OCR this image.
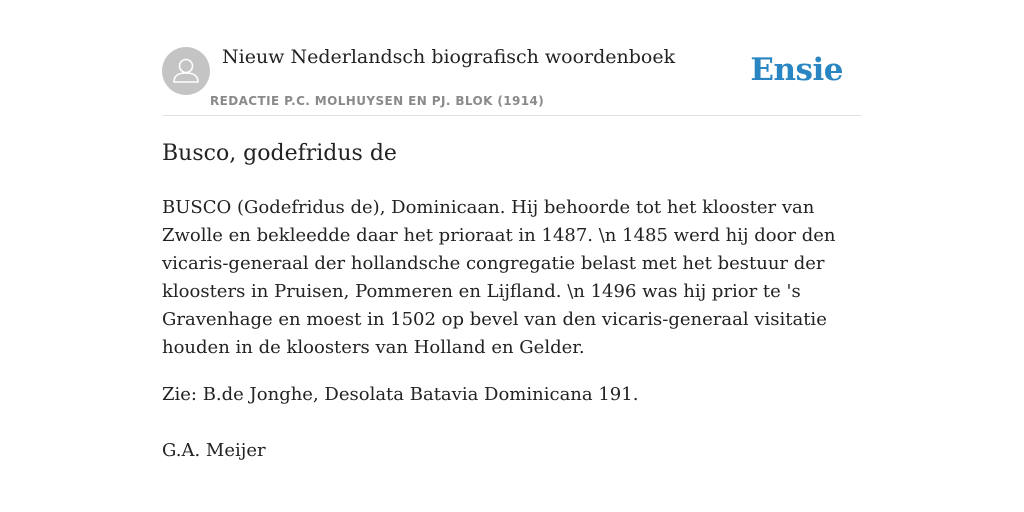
Nieuw Nederlandsch biografisch woordenboek
REDACTIE P.C. MOLHUYSEN EN PJ. BLOK (1914)
Ensie
Busco, godefridus de

BUSCO (Godefridus de), Dominicaan. Hij behoorde tot het klooster van Zwolle en bekleedde daar het prioraat in 1487. \n 1485 werd hij door den vicaris-generaal der hollandsche congregatie belast met het bestuur der kloosters in Pruisen, Pommeren en Lijfland. \n 1496 was hij prior te 's Gravenhage en moest in 1502 op bevel van den vicaris-generaal visitatie houden in de kloosters van Holland en Gelder.

Zie: B.de Jonghe, Desolata Batavia Dominicana 191.

G.A. Meijer
